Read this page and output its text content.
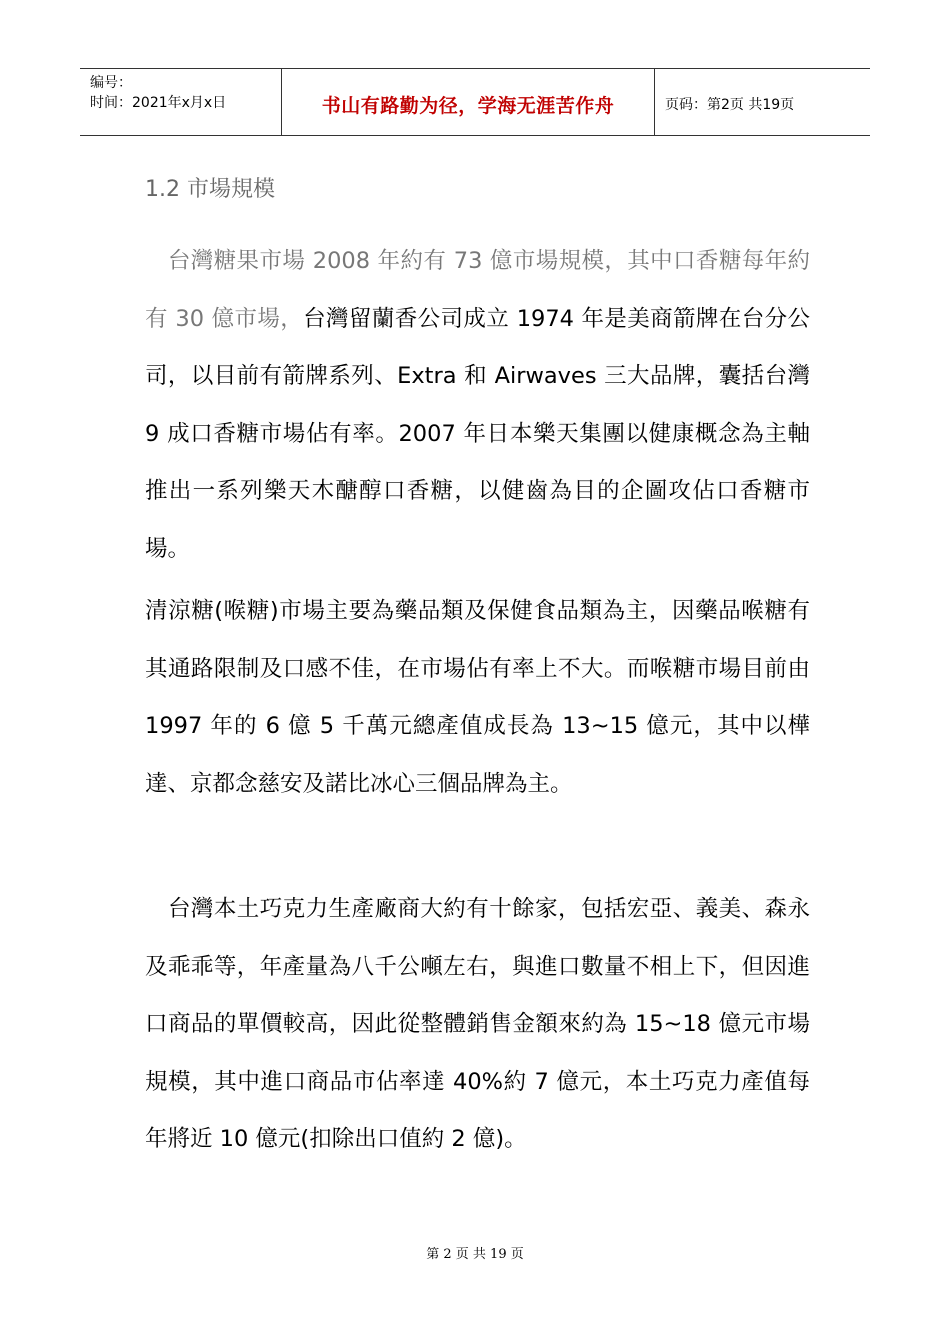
编号：
时间：2021年x月x日	书山有路勤为径，学海无涯苦作舟	页码：第2页 共19页
1.2 市場規模

　台灣糖果市場 2008 年約有 73 億市場規模，其中口香糖每年約有 30 億市場，台灣留蘭香公司成立 1974 年是美商箭牌在台分公司，以目前有箭牌系列、Extra 和 Airwaves 三大品牌，囊括台灣 9 成口香糖市場佔有率。2007 年日本樂天集團以健康概念為主軸推出一系列樂天木醣醇口香糖，以健齒為目的企圖攻佔口香糖市場。

清涼糖(喉糖)市場主要為藥品類及保健食品類為主，因藥品喉糖有其通路限制及口感不佳，在市場佔有率上不大。而喉糖市場目前由 1997 年的 6 億 5 千萬元總產值成長為 13~15 億元，其中以樺達、京都念慈安及諾比冰心三個品牌為主。

　台灣本土巧克力生產廠商大約有十餘家，包括宏亞、義美、森永及乖乖等，年產量為八千公噸左右，與進口數量不相上下，但因進口商品的單價較高，因此從整體銷售金額來約為 15~18 億元市場規模，其中進口商品市佔率達 40%約 7 億元，本土巧克力產值每年將近 10 億元(扣除出口值約 2 億)。

第 2 页 共 19 页
